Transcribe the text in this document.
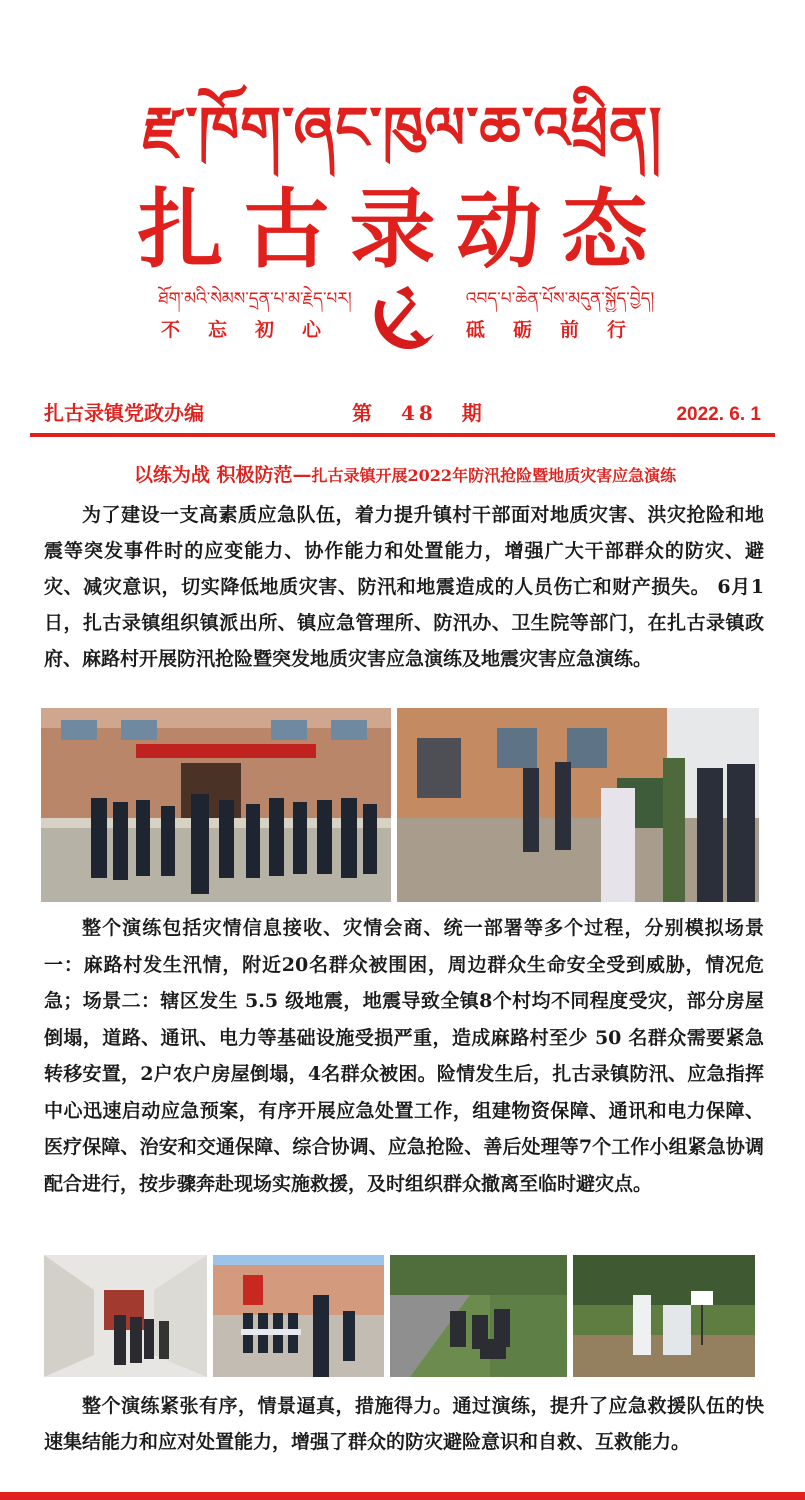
རྫ་ཁོག་ཞང་ཁུལ་ཆ་འཕྲིན།
扎古录动态
ཐོག་མའི་སེམས་དྲན་པ་མ་རྗེད་པར།
不忘初心
འབད་པ་ཆེན་པོས་མདུན་སྐྱོད་བྱེད།
砥砺前行
扎古录镇党政办编	第 48 期	2022. 6. 1
以练为战 积极防范—扎古录镇开展2022年防汛抢险暨地质灾害应急演练
为了建设一支高素质应急队伍，着力提升镇村干部面对地质灾害、洪灾抢险和地震等突发事件时的应变能力、协作能力和处置能力，增强广大干部群众的防灾、避灾、减灾意识，切实降低地质灾害、防汛和地震造成的人员伤亡和财产损失。 6月1日，扎古录镇组织镇派出所、镇应急管理所、防汛办、卫生院等部门，在扎古录镇政府、麻路村开展防汛抢险暨突发地质灾害应急演练及地震灾害应急演练。
整个演练包括灾情信息接收、灾情会商、统一部署等多个过程，分别模拟场景一：麻路村发生汛情，附近20名群众被围困，周边群众生命安全受到威胁，情况危急；场景二：辖区发生 5.5 级地震，地震导致全镇8个村均不同程度受灾，部分房屋倒塌，道路、通讯、电力等基础设施受损严重，造成麻路村至少 50 名群众需要紧急转移安置，2户农户房屋倒塌，4名群众被困。险情发生后，扎古录镇防汛、应急指挥中心迅速启动应急预案，有序开展应急处置工作，组建物资保障、通讯和电力保障、医疗保障、治安和交通保障、综合协调、应急抢险、善后处理等7个工作小组紧急协调配合进行，按步骤奔赴现场实施救援，及时组织群众撤离至临时避灾点。
整个演练紧张有序，情景逼真，措施得力。通过演练，提升了应急救援队伍的快速集结能力和应对处置能力，增强了群众的防灾避险意识和自救、互救能力。
